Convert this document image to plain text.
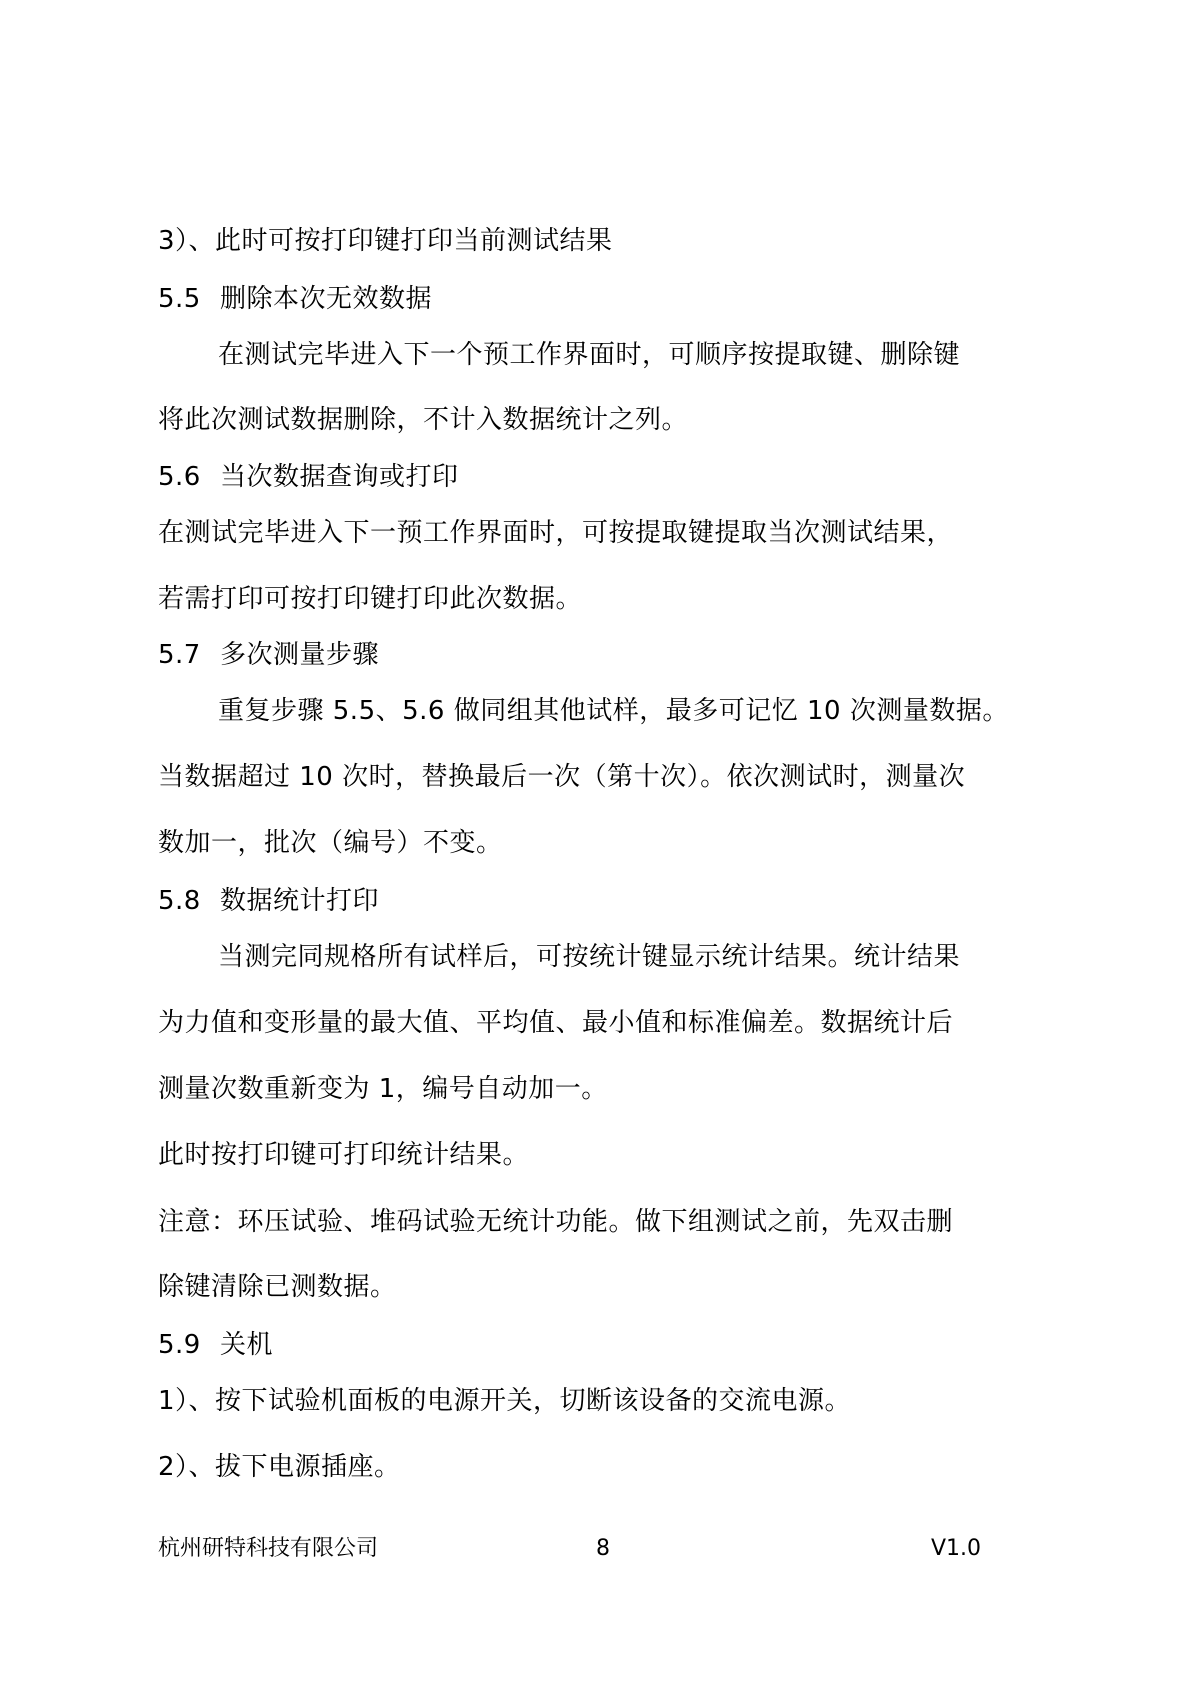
3）、此时可按打印键打印当前测试结果
5.5 删除本次无效数据
在测试完毕进入下一个预工作界面时，可顺序按提取键、删除键
将此次测试数据删除，不计入数据统计之列。
5.6 当次数据查询或打印
在测试完毕进入下一预工作界面时，可按提取键提取当次测试结果，
若需打印可按打印键打印此次数据。
5.7 多次测量步骤
重复步骤 5.5、5.6 做同组其他试样，最多可记忆 10 次测量数据。
当数据超过 10 次时，替换最后一次（第十次）。依次测试时，测量次
数加一，批次（编号）不变。
5.8 数据统计打印
当测完同规格所有试样后，可按统计键显示统计结果。统计结果
为力值和变形量的最大值、平均值、最小值和标准偏差。数据统计后
测量次数重新变为 1，编号自动加一。
此时按打印键可打印统计结果。
注意：环压试验、堆码试验无统计功能。做下组测试之前，先双击删
除键清除已测数据。
5.9 关机
1）、按下试验机面板的电源开关，切断该设备的交流电源。
2）、拔下电源插座。
杭州研特科技有限公司	8	V1.0
